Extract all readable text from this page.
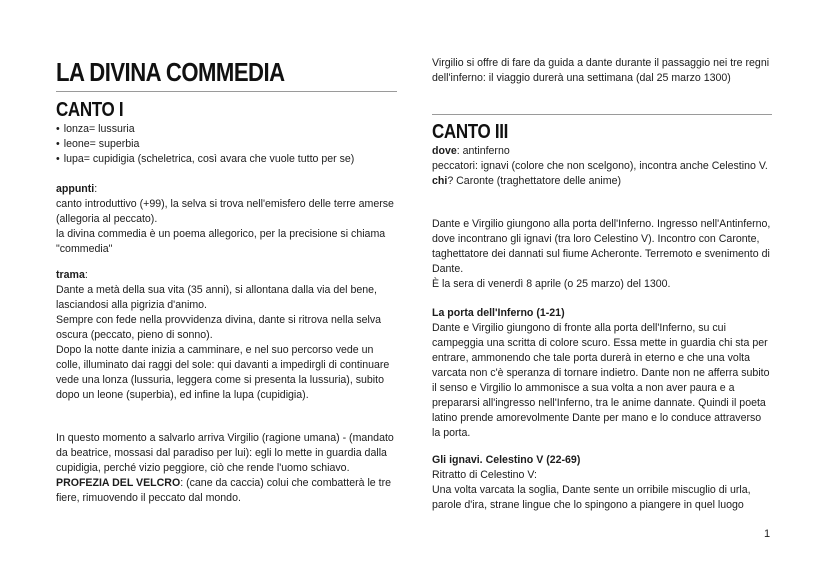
LA DIVINA COMMEDIA
CANTO I
• lonza= lussuria
• leone= superbia
• lupa= cupidigia (scheletrica, così avara che vuole tutto per se)
appunti:
canto introduttivo (+99), la selva si trova nell'emisfero delle terre amerse (allegoria al peccato).
la divina commedia è un poema allegorico, per la precisione si chiama "commedia"
trama:
Dante a metà della sua vita (35 anni), si allontana dalla via del bene, lasciandosi alla pigrizia d'animo.
Sempre con fede nella provvidenza divina, dante si ritrova nella selva oscura (peccato, pieno di sonno).
Dopo la notte dante inizia a camminare, e nel suo percorso vede un colle, illuminato dai raggi del sole: qui davanti a impedirgli di continuare vede una lonza (lussuria, leggera come si presenta la lussuria), subito dopo un leone (superbia), ed infine la lupa (cupidigia).
In questo momento a salvarlo arriva Virgilio (ragione umana) - (mandato da beatrice, mossasi dal paradiso per lui): egli lo mette in guardia dalla cupidigia, perché vizio peggiore, ciò che rende l'uomo schiavo.
PROFEZIA DEL VELCRO: (cane da caccia) colui che combatterà le tre fiere, rimuovendo il peccato dal mondo.
Virgilio si offre di fare da guida a dante durante il passaggio nei tre regni dell'inferno: il viaggio durerà una settimana (dal 25 marzo 1300)
CANTO III
dove: antinferno
peccatori: ignavi (colore che non scelgono), incontra anche Celestino V.
chi? Caronte (traghettatore delle anime)
Dante e Virgilio giungono alla porta dell'Inferno. Ingresso nell'Antinferno, dove incontrano gli ignavi (tra loro Celestino V). Incontro con Caronte, taghettatore dei dannati sul fiume Acheronte. Terremoto e svenimento di Dante.
È la sera di venerdì 8 aprile (o 25 marzo) del 1300.
La porta dell'Inferno (1-21)
Dante e Virgilio giungono di fronte alla porta dell'Inferno, su cui campeggia una scritta di colore scuro. Essa mette in guardia chi sta per entrare, ammonendo che tale porta durerà in eterno e che una volta varcata non c'è speranza di tornare indietro. Dante non ne afferra subito il senso e Virgilio lo ammonisce a sua volta a non aver paura e a prepararsi all'ingresso nell'Inferno, tra le anime dannate. Quindi il poeta latino prende amorevolmente Dante per mano e lo conduce attraverso la porta.
Gli ignavi. Celestino V (22-69)
Ritratto di Celestino V:
Una volta varcata la soglia, Dante sente un orribile miscuglio di urla, parole d'ira, strane lingue che lo spingono a piangere in quel luogo
1
